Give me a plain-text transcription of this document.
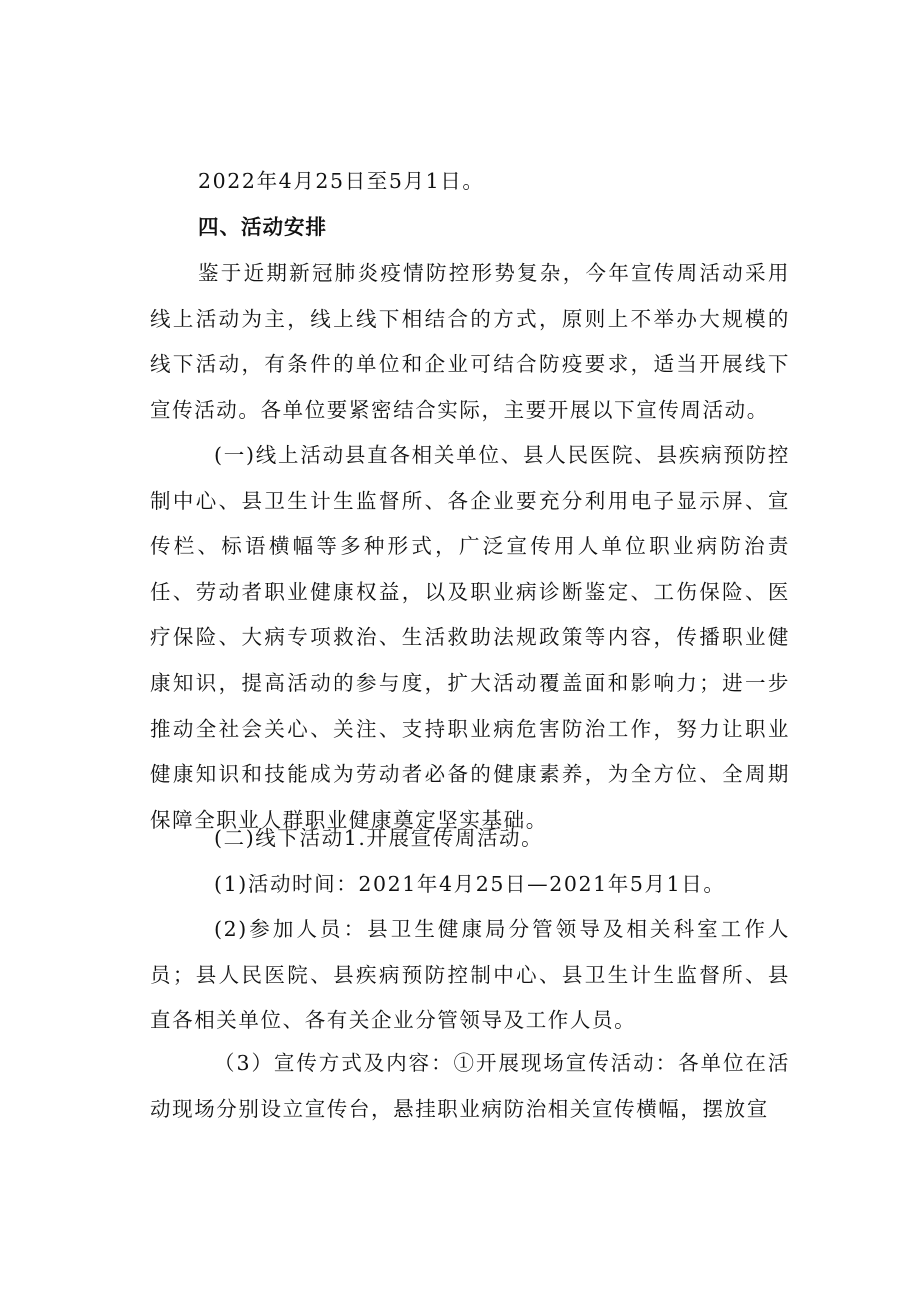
2022年4月25日至5月1日。

四、活动安排

鉴于近期新冠肺炎疫情防控形势复杂，今年宣传周活动采用线上活动为主，线上线下相结合的方式，原则上不举办大规模的线下活动，有条件的单位和企业可结合防疫要求，适当开展线下宣传活动。各单位要紧密结合实际，主要开展以下宣传周活动。

(一)线上活动县直各相关单位、县人民医院、县疾病预防控制中心、县卫生计生监督所、各企业要充分利用电子显示屏、宣传栏、标语横幅等多种形式，广泛宣传用人单位职业病防治责任、劳动者职业健康权益，以及职业病诊断鉴定、工伤保险、医疗保险、大病专项救治、生活救助法规政策等内容，传播职业健康知识，提高活动的参与度，扩大活动覆盖面和影响力；进一步推动全社会关心、关注、支持职业病危害防治工作，努力让职业健康知识和技能成为劳动者必备的健康素养，为全方位、全周期保障全职业人群职业健康奠定坚实基础。

(二)线下活动1.开展宣传周活动。

(1)活动时间：2021年4月25日—2021年5月1日。

(2)参加人员：县卫生健康局分管领导及相关科室工作人员；县人民医院、县疾病预防控制中心、县卫生计生监督所、县直各相关单位、各有关企业分管领导及工作人员。

（3）宣传方式及内容：①开展现场宣传活动：各单位在活动现场分别设立宣传台，悬挂职业病防治相关宣传横幅，摆放宣
